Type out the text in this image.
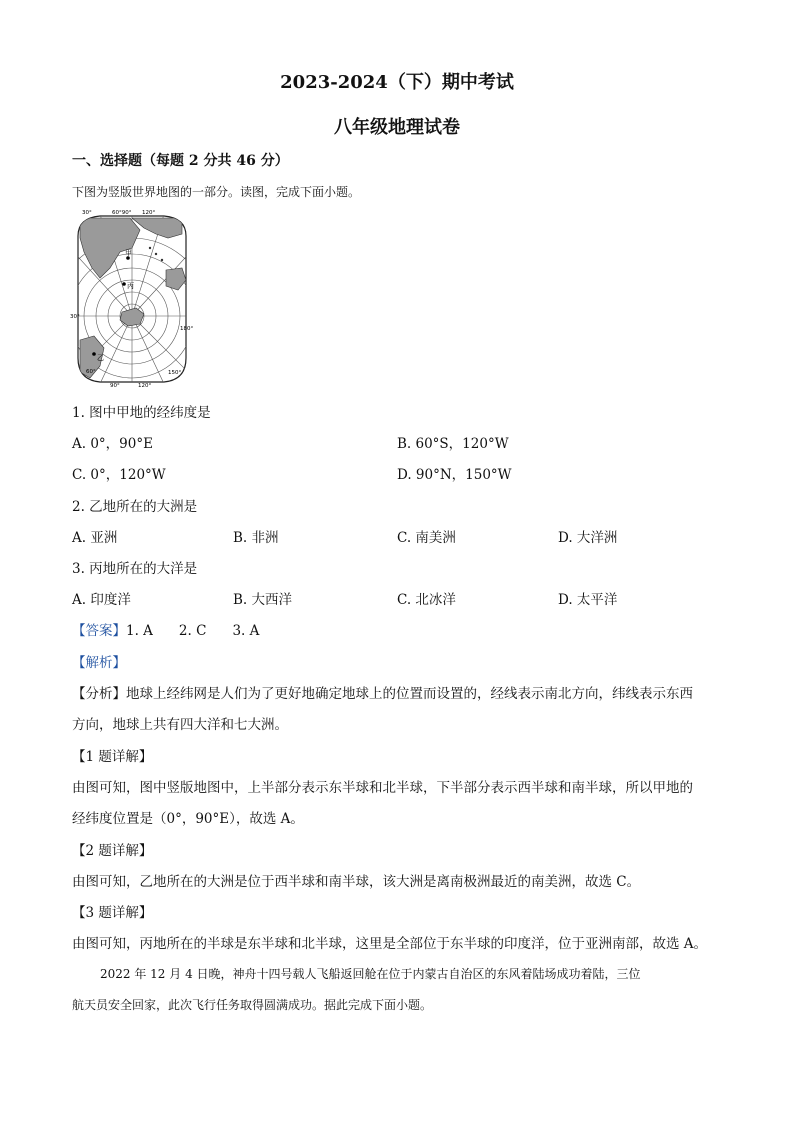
2023-2024（下）期中考试
八年级地理试卷
一、选择题（每题 2 分共 46 分）
下图为竖版世界地图的一部分。读图，完成下面小题。
甲
丙
乙
30°	60°90° 120°
30°
180°
60°
90°	120°
150°
1. 图中甲地的经纬度是
A. 0°，90°E	B. 60°S，120°W
C. 0°，120°W	D. 90°N，150°W
2. 乙地所在的大洲是
A. 亚洲	B. 非洲	C. 南美洲	D. 大洋洲
3. 丙地所在的大洋是
A. 印度洋	B. 大西洋	C. 北冰洋	D. 太平洋
【答案】1. A 2. C 3. A
【解析】
【分析】地球上经纬网是人们为了更好地确定地球上的位置而设置的，经线表示南北方向，纬线表示东西
方向，地球上共有四大洋和七大洲。
【1 题详解】
由图可知，图中竖版地图中，上半部分表示东半球和北半球，下半部分表示西半球和南半球，所以甲地的
经纬度位置是（0°，90°E），故选 A。
【2 题详解】
由图可知，乙地所在的大洲是位于西半球和南半球，该大洲是离南极洲最近的南美洲，故选 C。
【3 题详解】
由图可知，丙地所在的半球是东半球和北半球，这里是全部位于东半球的印度洋，位于亚洲南部，故选 A。
2022 年 12 月 4 日晚，神舟十四号载人飞船返回舱在位于内蒙古自治区的东风着陆场成功着陆，三位
航天员安全回家，此次飞行任务取得圆满成功。据此完成下面小题。
